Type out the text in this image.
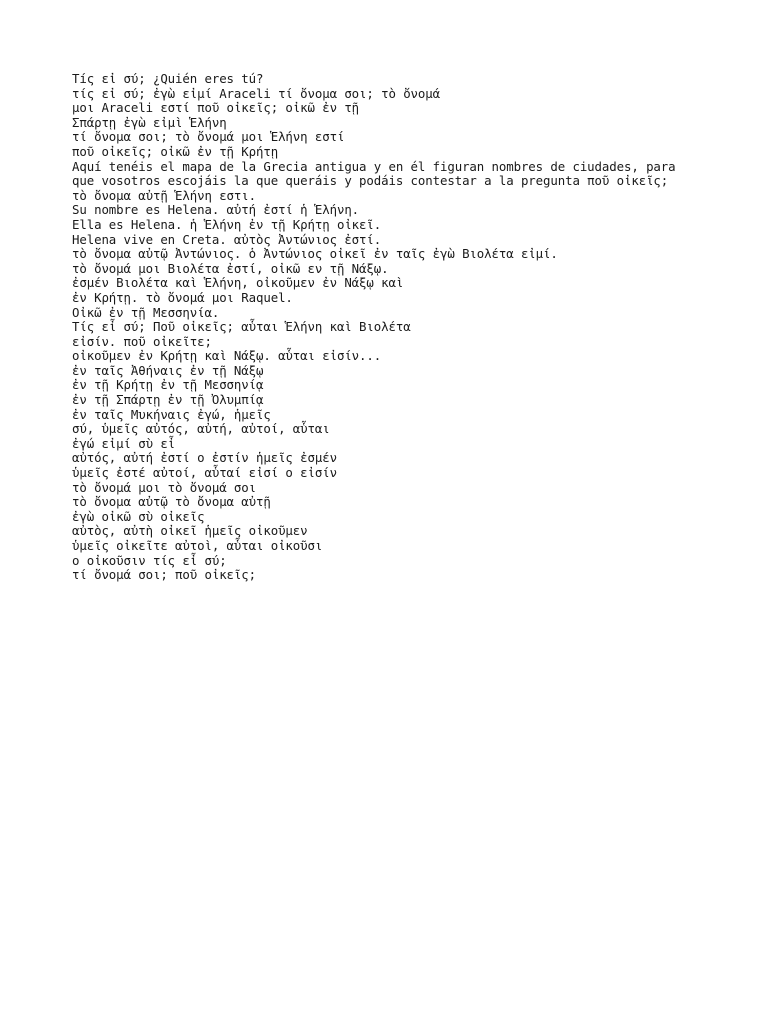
Tíς εἰ σύ; ¿Quién eres tú?
τίς εἰ σύ; ἐγὼ εἰμί Araceli τί ὄνομα σοι; τὸ ὄνομά
μοι Araceli εστί ποῦ οἰκεῖς; οἰκῶ ἐν τῇ
Σπάρτῃ ἐγὼ εἰμὶ Ἑλήνη
τί ὄνομα σοι; τὸ ὄνομά μοι Ἑλήνη εστί
ποῦ οἰκεῖς; οἰκῶ ἐν τῇ Κρήτῃ
Aquí tenéis el mapa de la Grecia antigua y en él figuran nombres de ciudades, para
que vosotros escojáis la que queráis y podáis contestar a la pregunta ποῦ οἰκεῖς;
τὸ ὄνομα αὐτῇ Ἑλήνη εστι.
Su nombre es Helena. αὐτή ἐστί ἡ Ἑλήνη.
Ella es Helena. ἡ Ἑλήνη ἐν τῇ Κρήτῃ οἰκεῖ.
Helena vive en Creta. αὐτὸς Ἀντώνιος ἐστί.
τὸ ὄνομα αὐτῷ Ἀντώνιος. ὁ Ἀντώνιος οἰκεῖ ἐν ταῖς ἐγὼ Βιολέτα εἰμί.
τὸ ὄνομά μοι Βιολέτα ἐστί, οἰκῶ εν τῇ Νάξῳ.
ἐσμέν Βιολέτα καὶ Ἑλήνη, οἰκοῦμεν ἐν Νάξῳ καὶ
ἐν Κρήτῃ. τὸ ὄνομά μοι Raquel.
Οἰκῶ ἐν τῇ Μεσσηνία.
Τίς εἶ σύ; Ποῦ οἰκεῖς; αὗται Ἑλήνη καὶ Βιολέτα
εἰσίν. ποῦ οἰκεῖτε;
οἰκοῦμεν ἐν Κρήτῃ καὶ Νάξῳ. αὗται εἰσίν...
ἐν ταῖς Ἀθήναις ἐν τῇ Νάξῳ
ἐν τῇ Κρήτῃ ἐν τῇ Μεσσηνίᾳ
ἐν τῇ Σπάρτῃ ἐν τῇ Ὀλυμπίᾳ
ἐν ταῖς Μυκήναις ἐγώ, ἡμεῖς
σύ, ὑμεῖς αὐτός, αὐτή, αὐτοί, αὗται
ἐγώ εἰμί σὺ εἶ
αὐτός, αὐτή ἐστί ο ἐστίν ἡμεῖς ἐσμέν
ὑμεῖς ἐστέ αὐτοί, αὗταί εἰσί ο εἰσίν
τὸ ὄνομά μοι τὸ ὄνομά σοι
τὸ ὄνομα αὐτῷ τὸ ὄνομα αὐτῇ
ἐγὼ οἰκῶ σὺ οἰκεῖς
αὐτὸς, αὐτὴ οἰκεῖ ἡμεῖς οἰκοῦμεν
ὑμεῖς οἰκεῖτε αὐτοὶ, αὗται οἰκοῦσι
ο οἰκοῦσιν τίς εἶ σύ;
τί ὄνομά σοι; ποῦ οἰκεῖς;
